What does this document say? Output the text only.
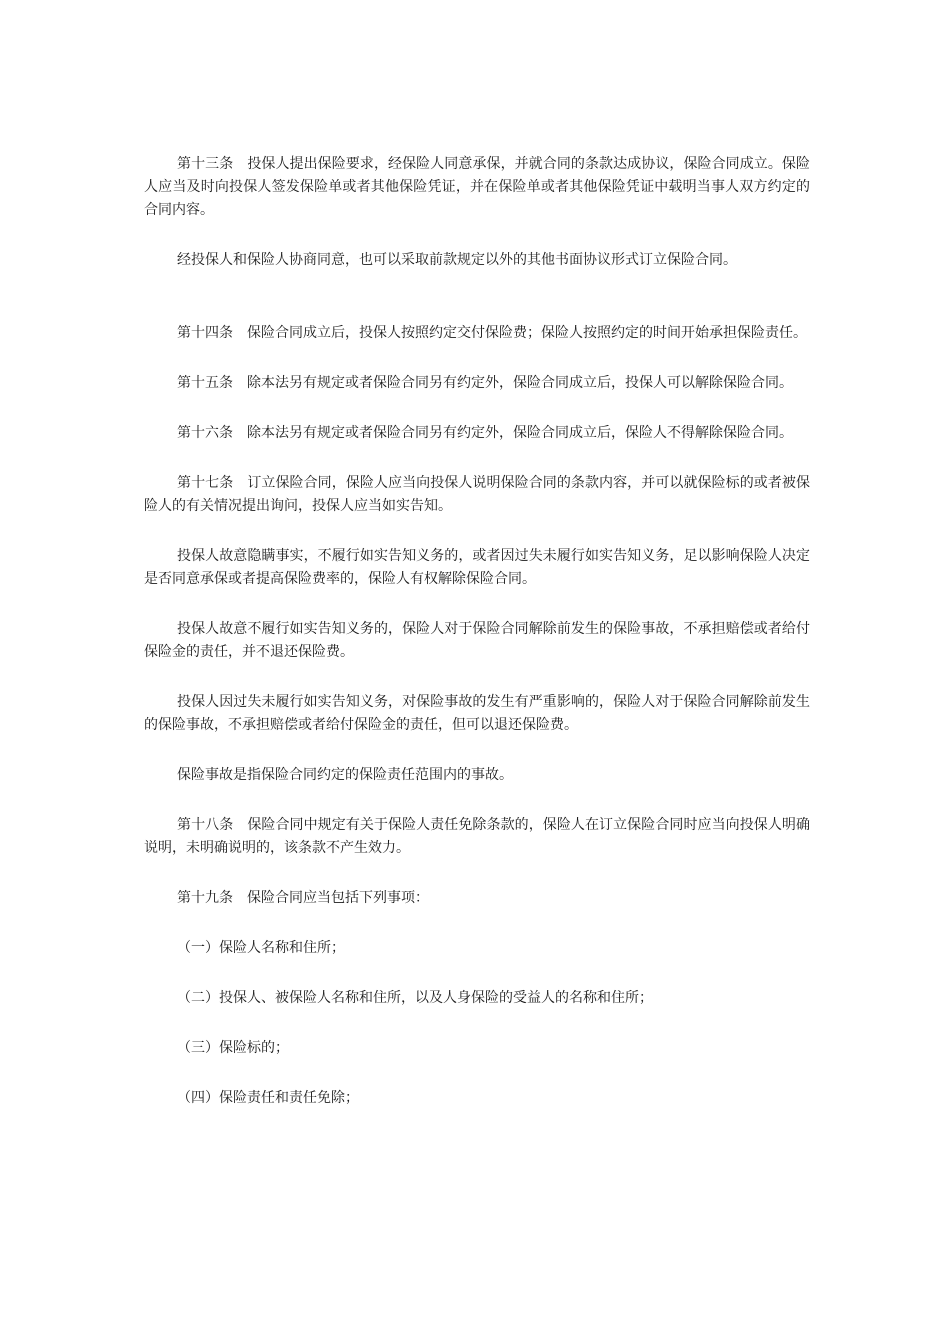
第十三条　投保人提出保险要求，经保险人同意承保，并就合同的条款达成协议，保险合同成立。保险人应当及时向投保人签发保险单或者其他保险凭证，并在保险单或者其他保险凭证中载明当事人双方约定的合同内容。

经投保人和保险人协商同意，也可以采取前款规定以外的其他书面协议形式订立保险合同。

第十四条　保险合同成立后，投保人按照约定交付保险费；保险人按照约定的时间开始承担保险责任。

第十五条　除本法另有规定或者保险合同另有约定外，保险合同成立后，投保人可以解除保险合同。

第十六条　除本法另有规定或者保险合同另有约定外，保险合同成立后，保险人不得解除保险合同。

第十七条　订立保险合同，保险人应当向投保人说明保险合同的条款内容，并可以就保险标的或者被保险人的有关情况提出询问，投保人应当如实告知。

投保人故意隐瞒事实，不履行如实告知义务的，或者因过失未履行如实告知义务，足以影响保险人决定是否同意承保或者提高保险费率的，保险人有权解除保险合同。

投保人故意不履行如实告知义务的，保险人对于保险合同解除前发生的保险事故，不承担赔偿或者给付保险金的责任，并不退还保险费。

投保人因过失未履行如实告知义务，对保险事故的发生有严重影响的，保险人对于保险合同解除前发生的保险事故，不承担赔偿或者给付保险金的责任，但可以退还保险费。

保险事故是指保险合同约定的保险责任范围内的事故。

第十八条　保险合同中规定有关于保险人责任免除条款的，保险人在订立保险合同时应当向投保人明确说明，未明确说明的，该条款不产生效力。

第十九条　保险合同应当包括下列事项：

（一）保险人名称和住所；

（二）投保人、被保险人名称和住所，以及人身保险的受益人的名称和住所；

（三）保险标的；

（四）保险责任和责任免除；
